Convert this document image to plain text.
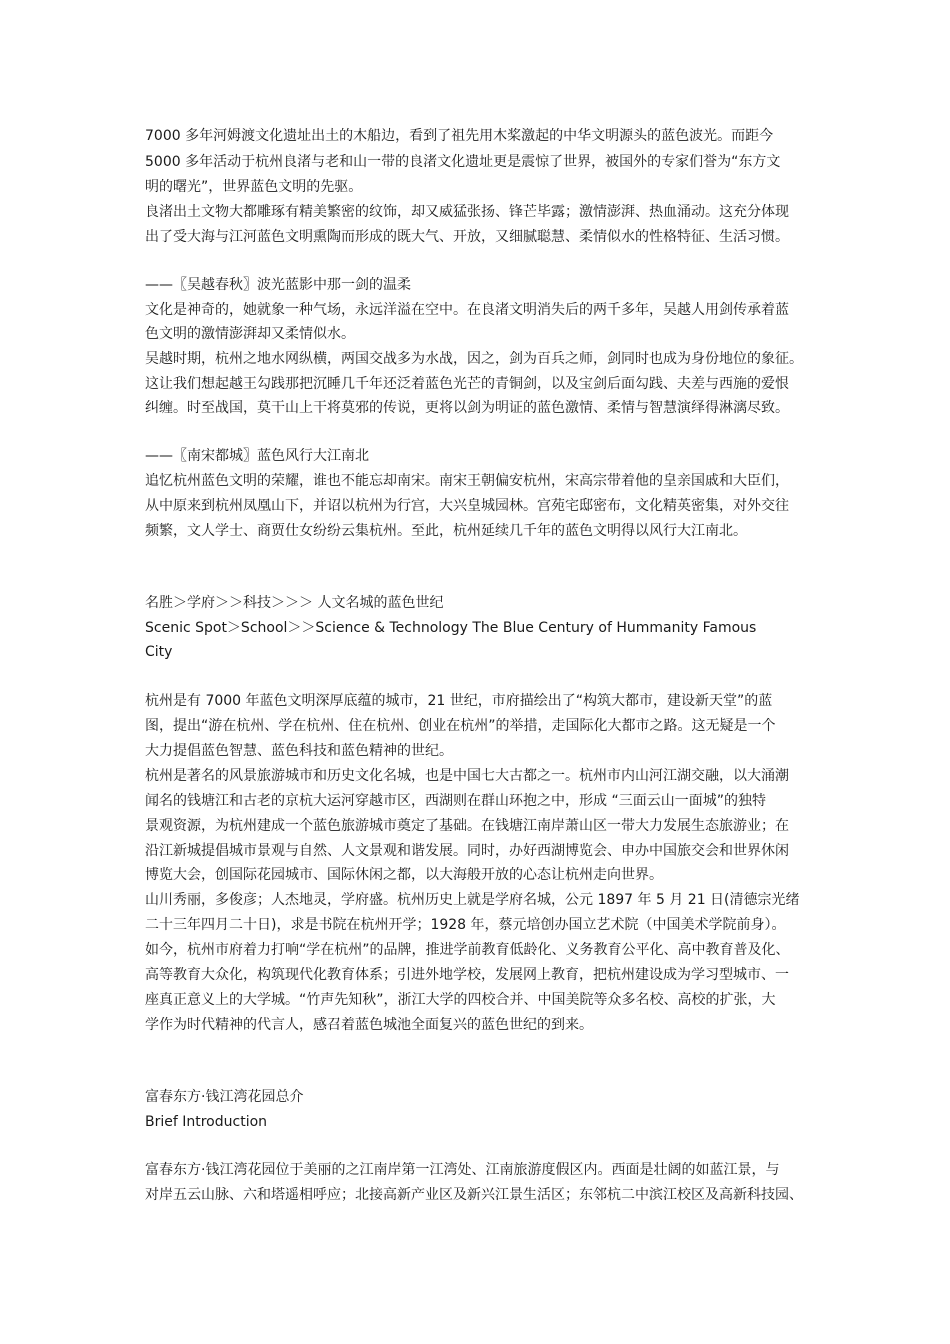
7000 多年河姆渡文化遗址出土的木船边，看到了祖先用木桨激起的中华文明源头的蓝色波光。而距今
5000 多年活动于杭州良渚与老和山一带的良渚文化遗址更是震惊了世界，被国外的专家们誉为“东方文
明的曙光”，世界蓝色文明的先驱。
良渚出土文物大都雕琢有精美繁密的纹饰，却又威猛张扬、锋芒毕露；激情澎湃、热血涌动。这充分体现
出了受大海与江河蓝色文明熏陶而形成的既大气、开放，又细腻聪慧、柔情似水的性格特征、生活习惯。
——〖吴越春秋〗波光蓝影中那一剑的温柔
文化是神奇的，她就象一种气场，永远洋溢在空中。在良渚文明消失后的两千多年，吴越人用剑传承着蓝
色文明的激情澎湃却又柔情似水。
吴越时期，杭州之地水网纵横，两国交战多为水战，因之，剑为百兵之师，剑同时也成为身份地位的象征。
这让我们想起越王勾践那把沉睡几千年还泛着蓝色光芒的青铜剑，以及宝剑后面勾践、夫差与西施的爱恨
纠缠。时至战国，莫干山上干将莫邪的传说，更将以剑为明证的蓝色激情、柔情与智慧演绎得淋漓尽致。
——〖南宋都城〗蓝色风行大江南北
追忆杭州蓝色文明的荣耀，谁也不能忘却南宋。南宋王朝偏安杭州，宋高宗带着他的皇亲国戚和大臣们，
从中原来到杭州凤凰山下，并诏以杭州为行宫，大兴皇城园林。宫苑宅邸密布，文化精英密集，对外交往
频繁，文人学士、商贾仕女纷纷云集杭州。至此，杭州延续几千年的蓝色文明得以风行大江南北。
名胜＞学府＞＞科技＞＞＞ 人文名城的蓝色世纪
Scenic Spot＞School＞＞Science & Technology The Blue Century of Hummanity Famous
City
杭州是有 7000 年蓝色文明深厚底蕴的城市，21 世纪，市府描绘出了“构筑大都市，建设新天堂”的蓝
图，提出“游在杭州、学在杭州、住在杭州、创业在杭州”的举措，走国际化大都市之路。这无疑是一个
大力提倡蓝色智慧、蓝色科技和蓝色精神的世纪。
杭州是著名的风景旅游城市和历史文化名城，也是中国七大古都之一。杭州市内山河江湖交融，以大涌潮
闻名的钱塘江和古老的京杭大运河穿越市区，西湖则在群山环抱之中，形成 “三面云山一面城”的独特
景观资源，为杭州建成一个蓝色旅游城市奠定了基础。在钱塘江南岸萧山区一带大力发展生态旅游业；在
沿江新城提倡城市景观与自然、人文景观和谐发展。同时，办好西湖博览会、申办中国旅交会和世界休闲
博览大会，创国际花园城市、国际休闲之都，以大海般开放的心态让杭州走向世界。
山川秀丽，多俊彦；人杰地灵，学府盛。杭州历史上就是学府名城，公元 1897 年 5 月 21 日(清德宗光绪
二十三年四月二十日)，求是书院在杭州开学；1928 年，蔡元培创办国立艺术院（中国美术学院前身）。
如今，杭州市府着力打响“学在杭州”的品牌，推进学前教育低龄化、义务教育公平化、高中教育普及化、
高等教育大众化，构筑现代化教育体系；引进外地学校，发展网上教育，把杭州建设成为学习型城市、一
座真正意义上的大学城。“竹声先知秋”，浙江大学的四校合并、中国美院等众多名校、高校的扩张，大
学作为时代精神的代言人，感召着蓝色城池全面复兴的蓝色世纪的到来。
富春东方·钱江湾花园总介
Brief Introduction
富春东方·钱江湾花园位于美丽的之江南岸第一江湾处、江南旅游度假区内。西面是壮阔的如蓝江景，与
对岸五云山脉、六和塔遥相呼应；北接高新产业区及新兴江景生活区；东邻杭二中滨江校区及高新科技园、
